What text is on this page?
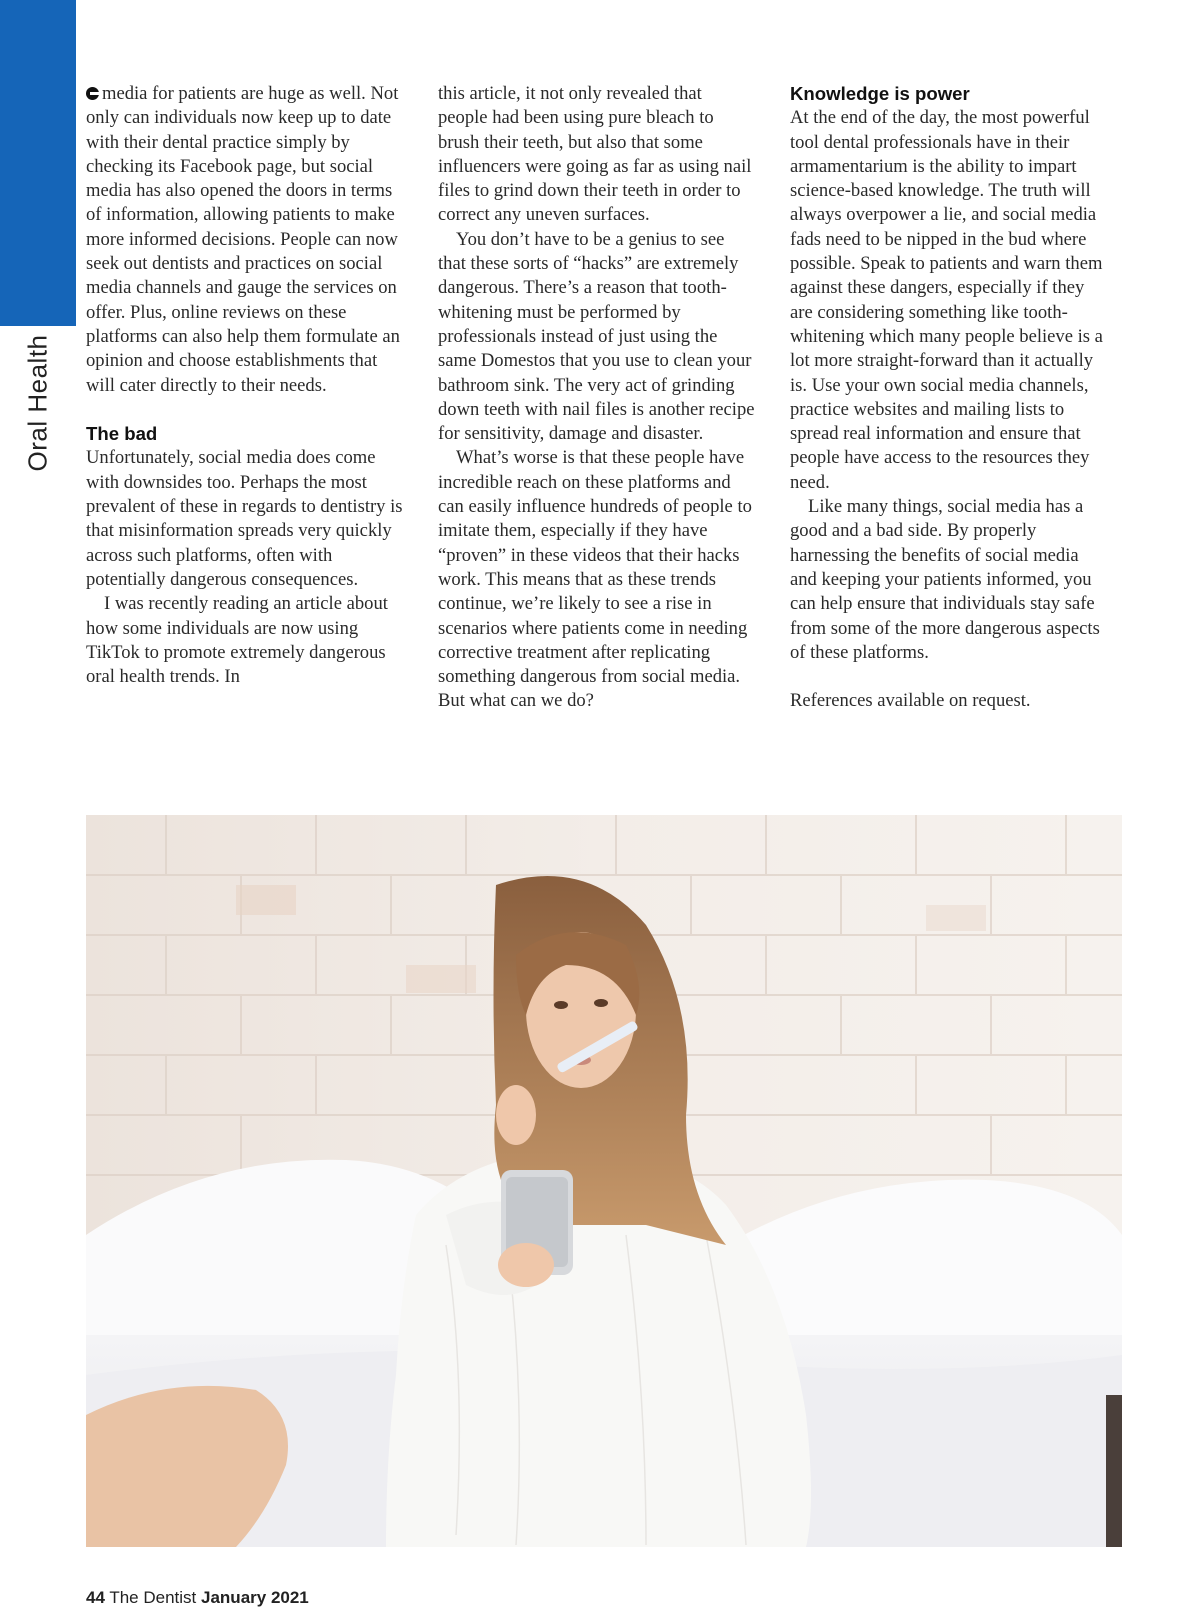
Oral Health

media for patients are huge as well. Not only can individuals now keep up to date with their dental practice simply by checking its Facebook page, but social media has also opened the doors in terms of information, allowing patients to make more informed decisions. People can now seek out dentists and practices on social media channels and gauge the services on offer. Plus, online reviews on these platforms can also help them formulate an opinion and choose establishments that will cater directly to their needs.

The bad

Unfortunately, social media does come with downsides too. Perhaps the most prevalent of these in regards to dentistry is that misinformation spreads very quickly across such platforms, often with potentially dangerous consequences.

I was recently reading an article about how some individuals are now using TikTok to promote extremely dangerous oral health trends. In

this article, it not only revealed that people had been using pure bleach to brush their teeth, but also that some influencers were going as far as using nail files to grind down their teeth in order to correct any uneven surfaces.

You don’t have to be a genius to see that these sorts of “hacks” are extremely dangerous. There’s a reason that tooth-whitening must be performed by professionals instead of just using the same Domestos that you use to clean your bathroom sink. The very act of grinding down teeth with nail files is another recipe for sensitivity, damage and disaster.

What’s worse is that these people have incredible reach on these platforms and can easily influence hundreds of people to imitate them, especially if they have “proven” in these videos that their hacks work. This means that as these trends continue, we’re likely to see a rise in scenarios where patients come in needing corrective treatment after replicating something dangerous from social media. But what can we do?

Knowledge is power

At the end of the day, the most powerful tool dental professionals have in their armamentarium is the ability to impart science-based knowledge. The truth will always overpower a lie, and social media fads need to be nipped in the bud where possible. Speak to patients and warn them against these dangers, especially if they are considering something like tooth-whitening which many people believe is a lot more straight-forward than it actually is. Use your own social media channels, practice websites and mailing lists to spread real information and ensure that people have access to the resources they need.

Like many things, social media has a good and a bad side. By properly harnessing the benefits of social media and keeping your patients informed, you can help ensure that individuals stay safe from some of the more dangerous aspects of these platforms.

References available on request.

44 The Dentist January 2021
